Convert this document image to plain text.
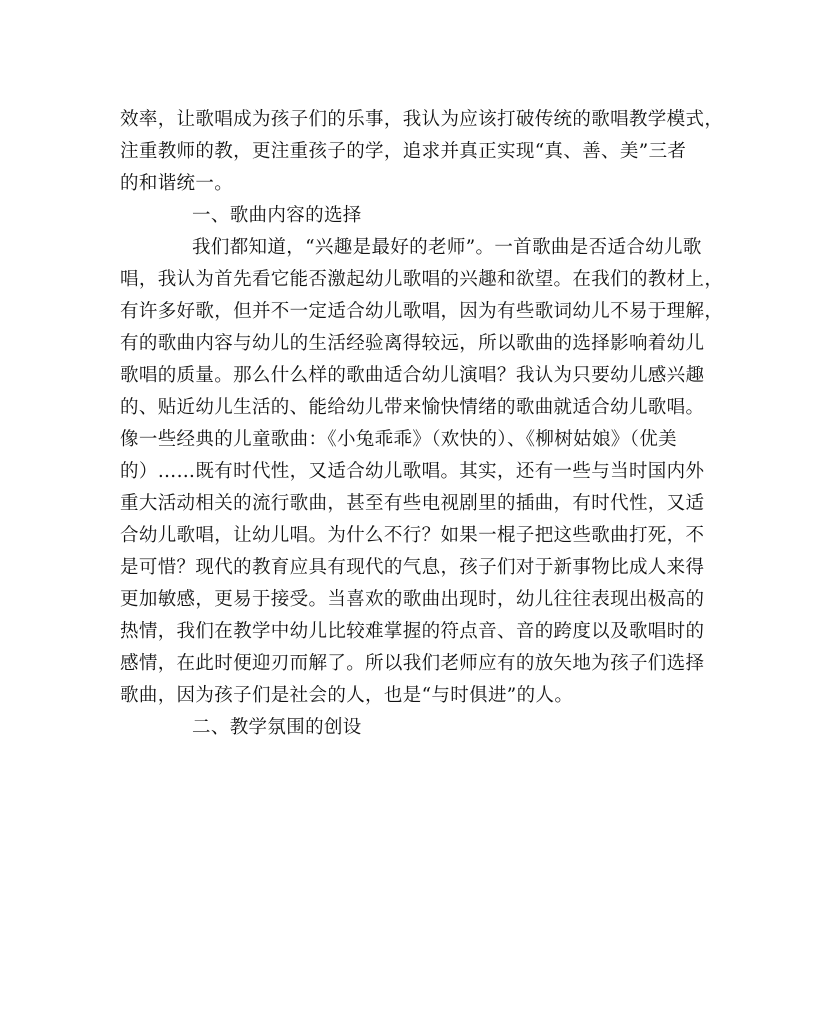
效率，让歌唱成为孩子们的乐事，我认为应该打破传统的歌唱教学模式，
注重教师的教，更注重孩子的学，追求并真正实现“真、善、美”三者
的和谐统一。
一、歌曲内容的选择
我们都知道，“兴趣是最好的老师”。一首歌曲是否适合幼儿歌
唱，我认为首先看它能否激起幼儿歌唱的兴趣和欲望。在我们的教材上，
有许多好歌，但并不一定适合幼儿歌唱，因为有些歌词幼儿不易于理解，
有的歌曲内容与幼儿的生活经验离得较远，所以歌曲的选择影响着幼儿
歌唱的质量。那么什么样的歌曲适合幼儿演唱？我认为只要幼儿感兴趣
的、贴近幼儿生活的、能给幼儿带来愉快情绪的歌曲就适合幼儿歌唱。
像一些经典的儿童歌曲：《小兔乖乖》（欢快的）、《柳树姑娘》（优美
的）……既有时代性，又适合幼儿歌唱。其实，还有一些与当时国内外
重大活动相关的流行歌曲，甚至有些电视剧里的插曲，有时代性，又适
合幼儿歌唱，让幼儿唱。为什么不行？如果一棍子把这些歌曲打死，不
是可惜？现代的教育应具有现代的气息，孩子们对于新事物比成人来得
更加敏感，更易于接受。当喜欢的歌曲出现时，幼儿往往表现出极高的
热情，我们在教学中幼儿比较难掌握的符点音、音的跨度以及歌唱时的
感情，在此时便迎刃而解了。所以我们老师应有的放矢地为孩子们选择
歌曲，因为孩子们是社会的人，也是“与时俱进”的人。
二、教学氛围的创设
